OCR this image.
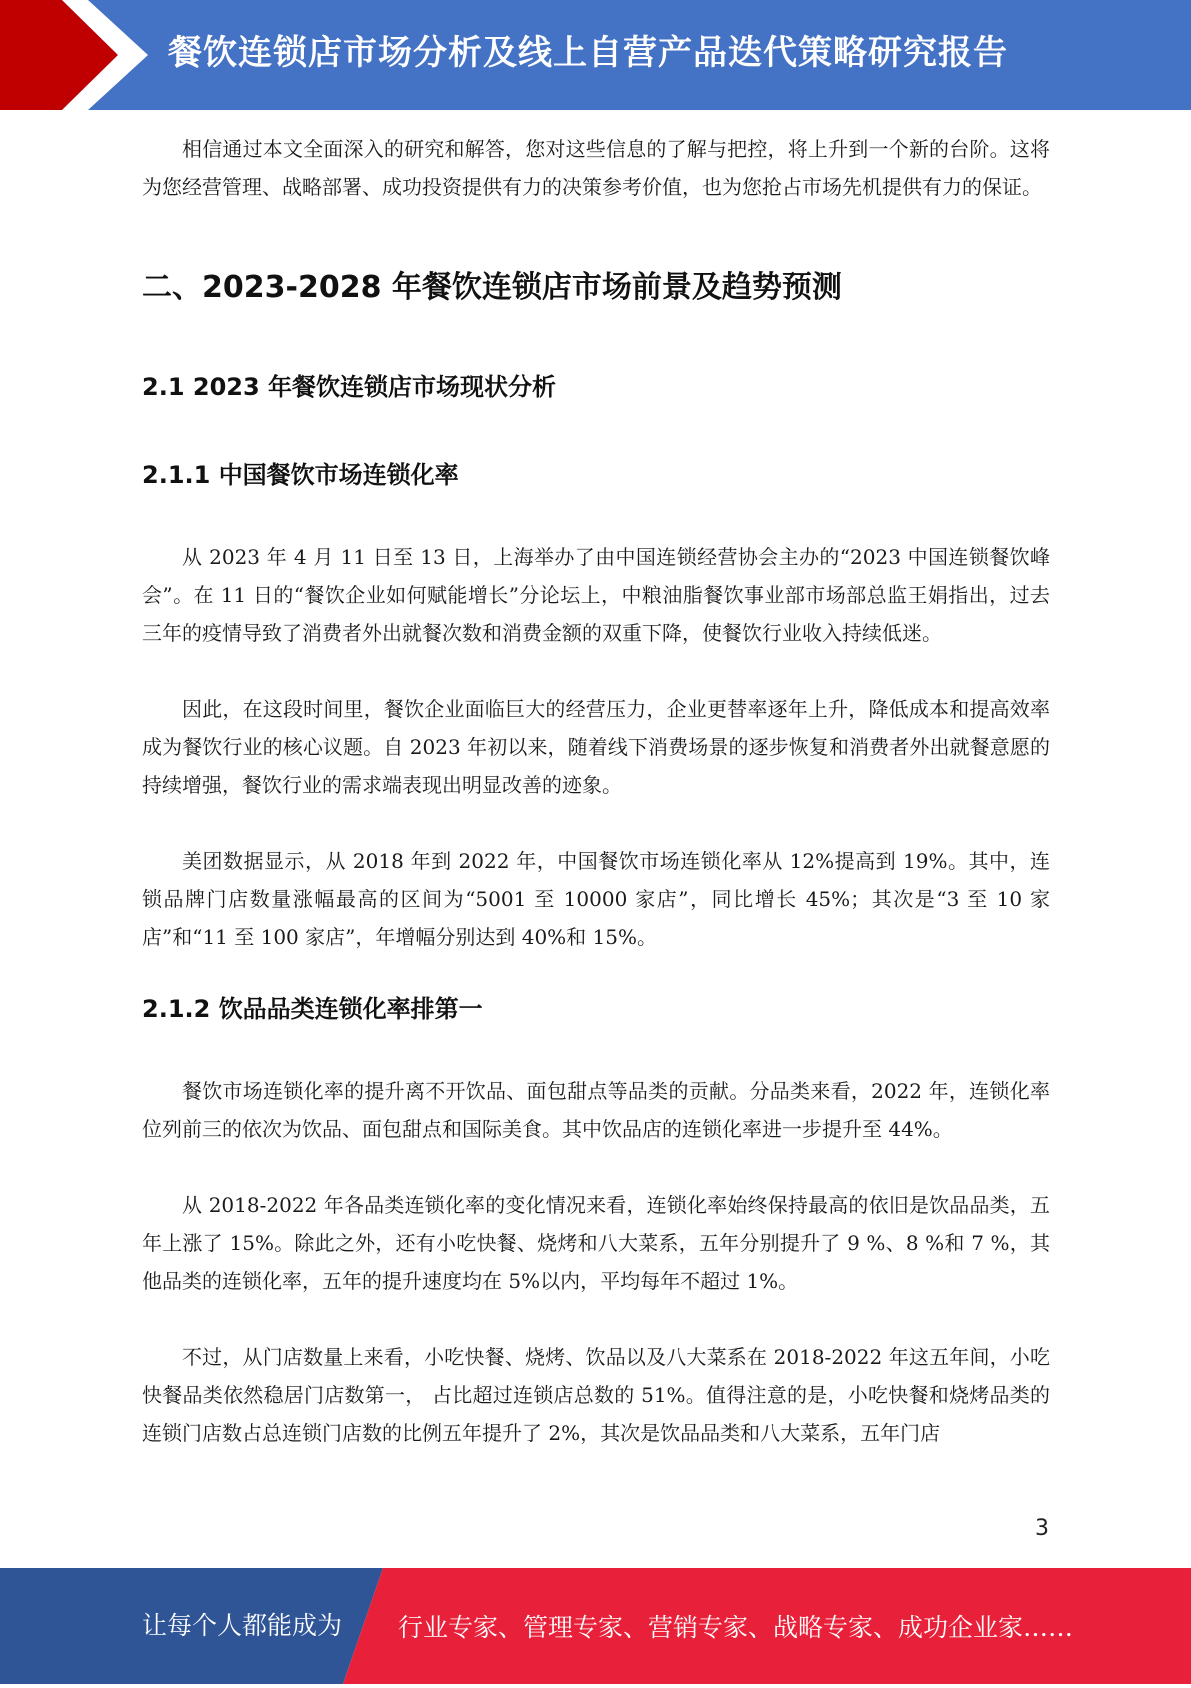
餐饮连锁店市场分析及线上自营产品迭代策略研究报告

相信通过本文全面深入的研究和解答，您对这些信息的了解与把控，将上升到一个新的台阶。这将为您经营管理、战略部署、成功投资提供有力的决策参考价值，也为您抢占市场先机提供有力的保证。

二、2023-2028 年餐饮连锁店市场前景及趋势预测
2.1 2023 年餐饮连锁店市场现状分析
2.1.1 中国餐饮市场连锁化率

从 2023 年 4 月 11 日至 13 日，上海举办了由中国连锁经营协会主办的“2023 中国连锁餐饮峰会”。在 11 日的“餐饮企业如何赋能增长”分论坛上，中粮油脂餐饮事业部市场部总监王娟指出，过去三年的疫情导致了消费者外出就餐次数和消费金额的双重下降，使餐饮行业收入持续低迷。

因此，在这段时间里，餐饮企业面临巨大的经营压力，企业更替率逐年上升，降低成本和提高效率成为餐饮行业的核心议题。自 2023 年初以来，随着线下消费场景的逐步恢复和消费者外出就餐意愿的持续增强，餐饮行业的需求端表现出明显改善的迹象。

美团数据显示，从 2018 年到 2022 年，中国餐饮市场连锁化率从 12%提高到 19%。其中，连锁品牌门店数量涨幅最高的区间为“5001 至 10000 家店”，同比增长 45%；其次是“3 至 10 家店”和“11 至 100 家店”，年增幅分别达到 40%和 15%。

2.1.2 饮品品类连锁化率排第一

餐饮市场连锁化率的提升离不开饮品、面包甜点等品类的贡献。分品类来看，2022 年，连锁化率位列前三的依次为饮品、面包甜点和国际美食。其中饮品店的连锁化率进一步提升至 44%。

从 2018-2022 年各品类连锁化率的变化情况来看，连锁化率始终保持最高的依旧是饮品品类，五年上涨了 15%。除此之外，还有小吃快餐、烧烤和八大菜系，五年分别提升了 9 %、8 %和 7 %，其他品类的连锁化率，五年的提升速度均在 5%以内，平均每年不超过 1%。

不过，从门店数量上来看，小吃快餐、烧烤、饮品以及八大菜系在 2018-2022 年这五年间，小吃快餐品类依然稳居门店数第一， 占比超过连锁店总数的 51%。值得注意的是，小吃快餐和烧烤品类的连锁门店数占总连锁门店数的比例五年提升了 2%，其次是饮品品类和八大菜系，五年门店

3
让每个人都能成为 行业专家、管理专家、营销专家、战略专家、成功企业家……
